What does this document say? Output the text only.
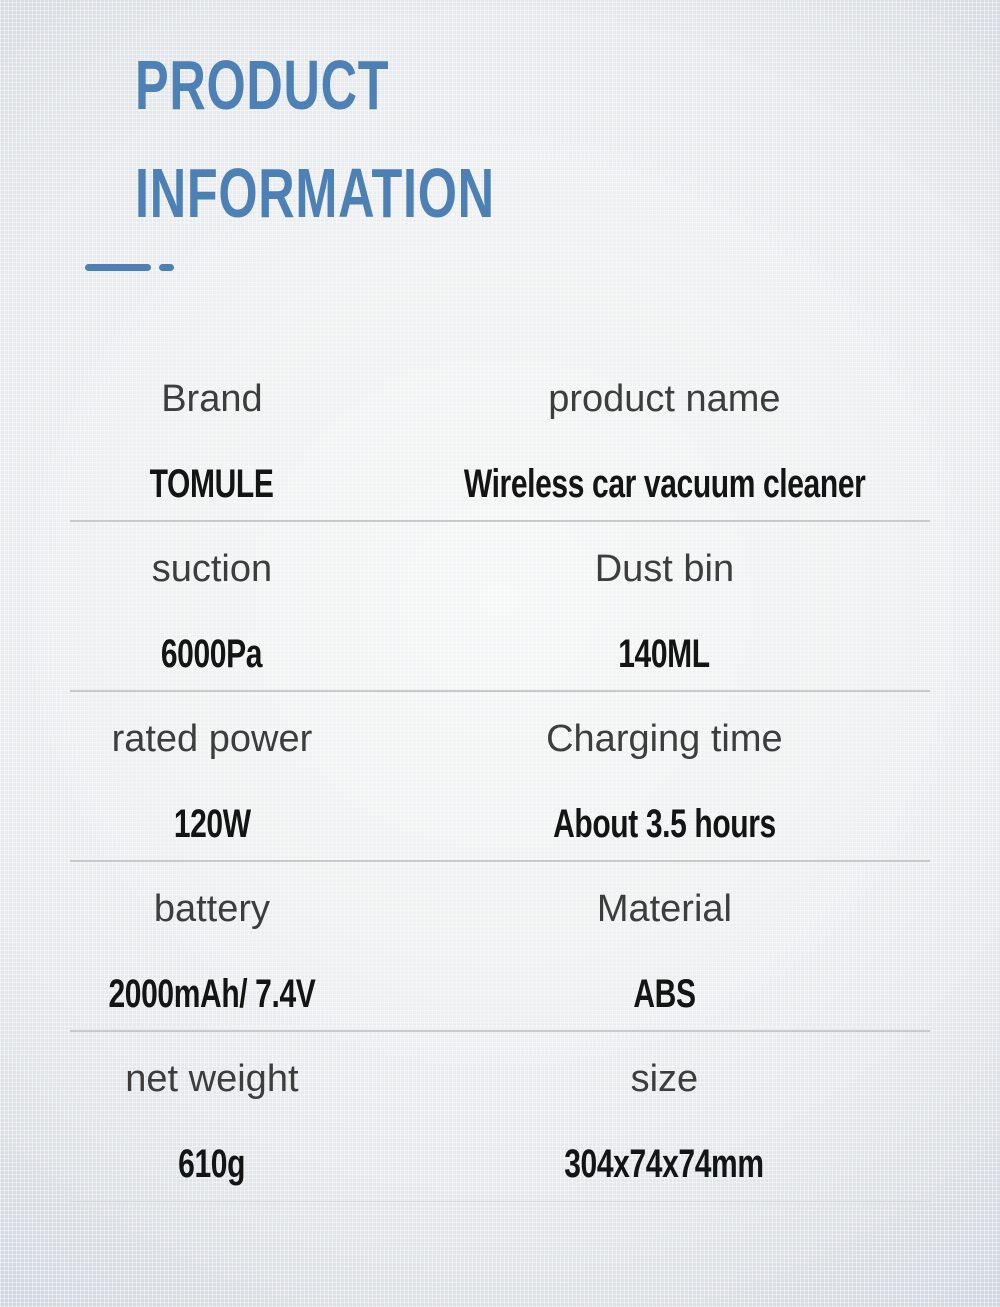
PRODUCT
INFORMATION
Brand
TOMULE
product name
Wireless car vacuum cleaner
suction
6000Pa
Dust bin
140ML
rated power
120W
Charging time
About 3.5 hours
battery
2000mAh/ 7.4V
Material
ABS
net weight
610g
size
304x74x74mm
